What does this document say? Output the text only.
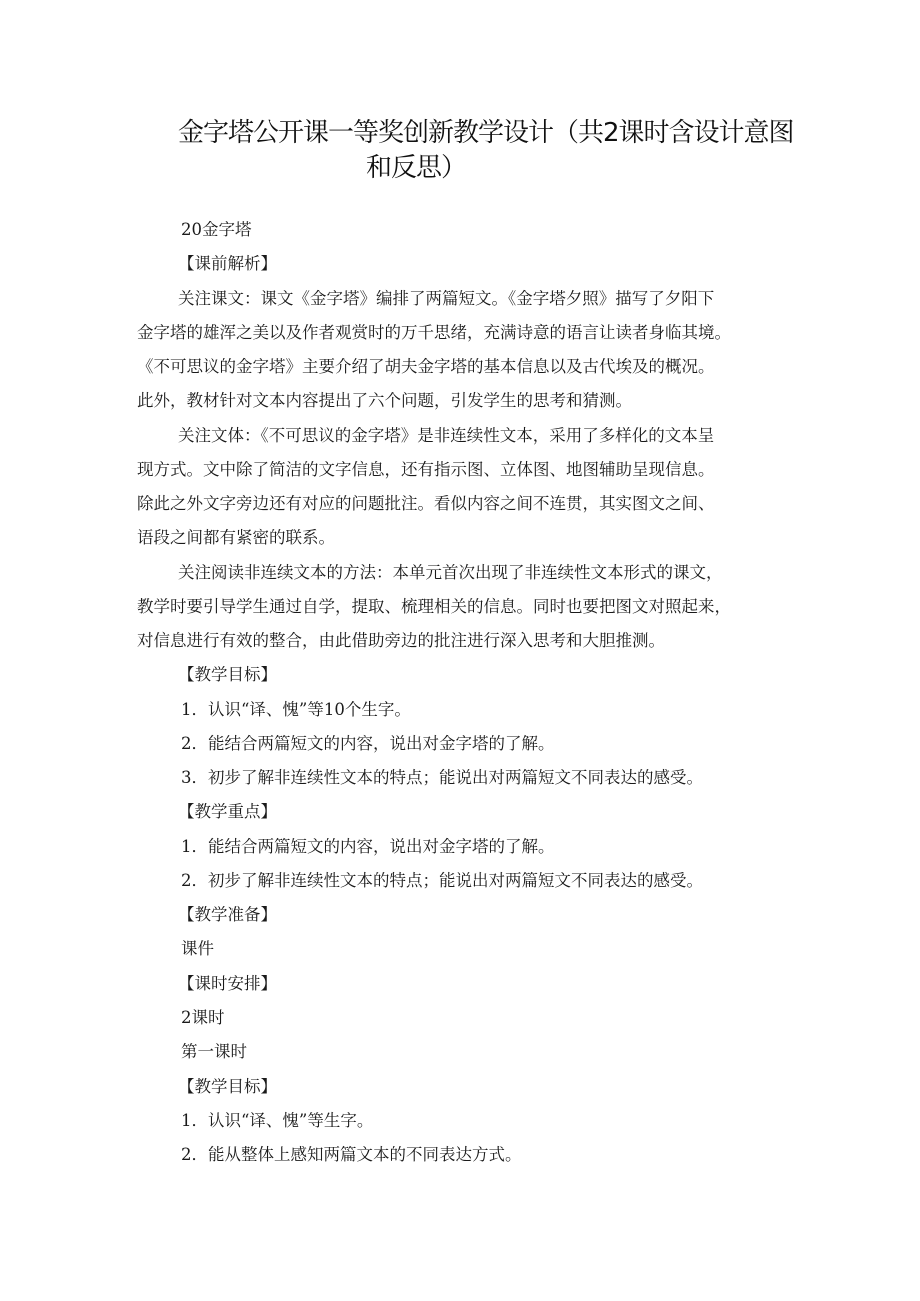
金字塔公开课一等奖创新教学设计（共2课时含设计意图
和反思）

20金字塔

【课前解析】

关注课文：课文《金字塔》编排了两篇短文。《金字塔夕照》描写了夕阳下

金字塔的雄浑之美以及作者观赏时的万千思绪，充满诗意的语言让读者身临其境。

《不可思议的金字塔》主要介绍了胡夫金字塔的基本信息以及古代埃及的概况。

此外，教材针对文本内容提出了六个问题，引发学生的思考和猜测。

关注文体：《不可思议的金字塔》是非连续性文本，采用了多样化的文本呈

现方式。文中除了简洁的文字信息，还有指示图、立体图、地图辅助呈现信息。

除此之外文字旁边还有对应的问题批注。看似内容之间不连贯，其实图文之间、

语段之间都有紧密的联系。

关注阅读非连续文本的方法：本单元首次出现了非连续性文本形式的课文，

教学时要引导学生通过自学，提取、梳理相关的信息。同时也要把图文对照起来，

对信息进行有效的整合，由此借助旁边的批注进行深入思考和大胆推测。

【教学目标】

1．认识“译、愧”等10个生字。

2．能结合两篇短文的内容，说出对金字塔的了解。

3．初步了解非连续性文本的特点；能说出对两篇短文不同表达的感受。

【教学重点】

1．能结合两篇短文的内容，说出对金字塔的了解。

2．初步了解非连续性文本的特点；能说出对两篇短文不同表达的感受。

【教学准备】

课件

【课时安排】

2课时

第一课时

【教学目标】

1．认识“译、愧”等生字。

2．能从整体上感知两篇文本的不同表达方式。
